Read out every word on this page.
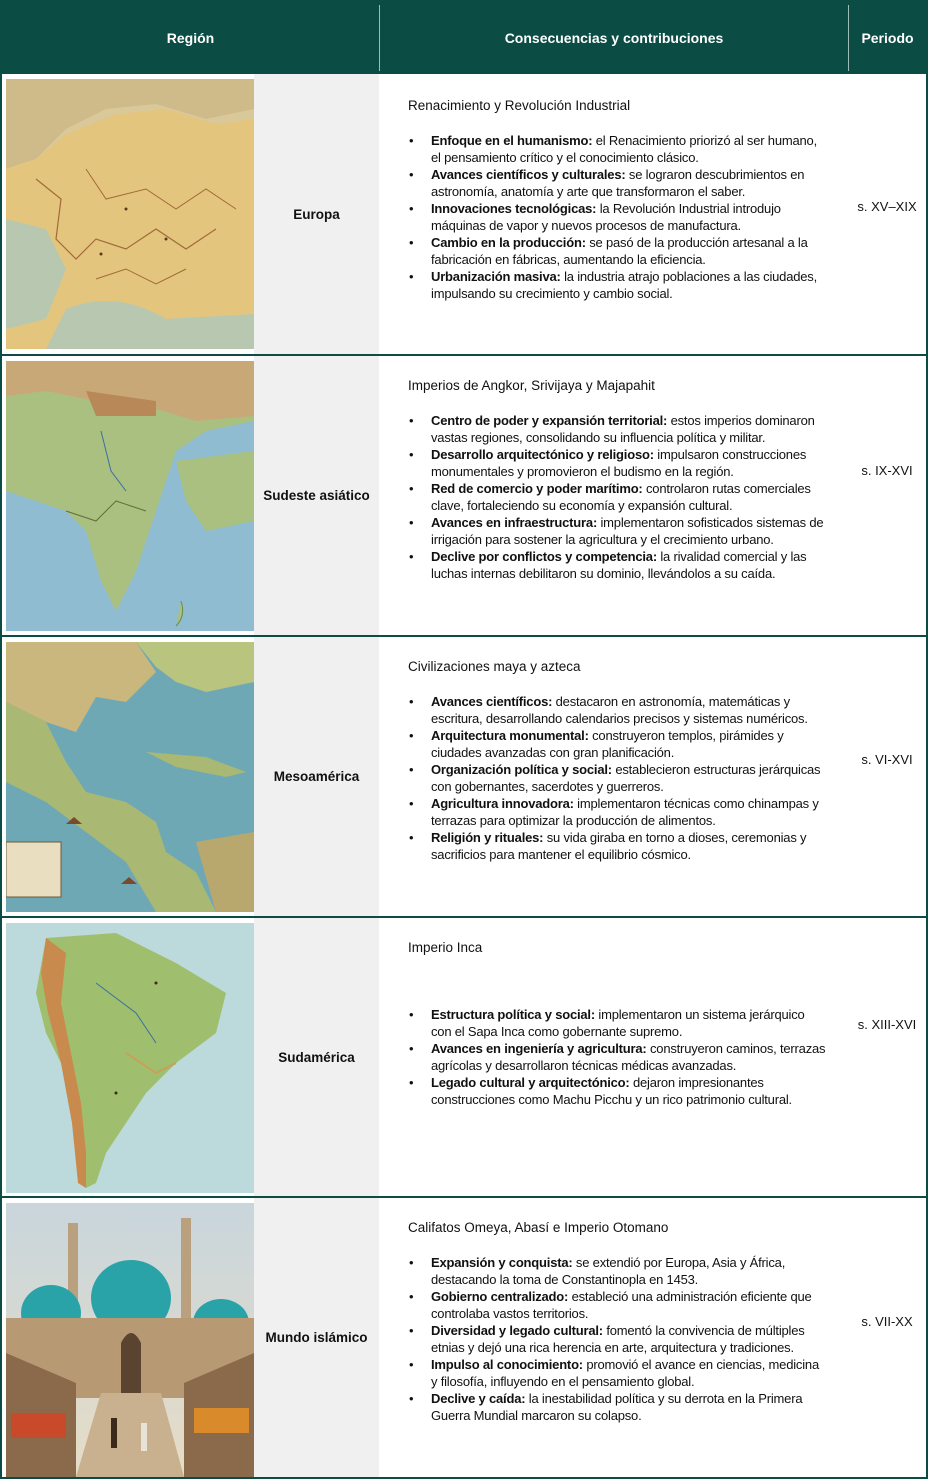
Región	Consecuencias y contribuciones	Periodo
Europa
Renacimiento y Revolución Industrial
• Enfoque en el humanismo: el Renacimiento priorizó al ser humano, el pensamiento crítico y el conocimiento clásico.
• Avances científicos y culturales: se lograron descubrimientos en astronomía, anatomía y arte que transformaron el saber.
• Innovaciones tecnológicas: la Revolución Industrial introdujo máquinas de vapor y nuevos procesos de manufactura.
• Cambio en la producción: se pasó de la producción artesanal a la fabricación en fábricas, aumentando la eficiencia.
• Urbanización masiva: la industria atrajo poblaciones a las ciudades, impulsando su crecimiento y cambio social.
s. XV–XIX
Sudeste asiático
Imperios de Angkor, Srivijaya y Majapahit
• Centro de poder y expansión territorial: estos imperios dominaron vastas regiones, consolidando su influencia política y militar.
• Desarrollo arquitectónico y religioso: impulsaron construcciones monumentales y promovieron el budismo en la región.
• Red de comercio y poder marítimo: controlaron rutas comerciales clave, fortaleciendo su economía y expansión cultural.
• Avances en infraestructura: implementaron sofisticados sistemas de irrigación para sostener la agricultura y el crecimiento urbano.
• Declive por conflictos y competencia: la rivalidad comercial y las luchas internas debilitaron su dominio, llevándolos a su caída.
s. IX-XVI
Mesoamérica
Civilizaciones maya y azteca
• Avances científicos: destacaron en astronomía, matemáticas y escritura, desarrollando calendarios precisos y sistemas numéricos.
• Arquitectura monumental: construyeron templos, pirámides y ciudades avanzadas con gran planificación.
• Organización política y social: establecieron estructuras jerárquicas con gobernantes, sacerdotes y guerreros.
• Agricultura innovadora: implementaron técnicas como chinampas y terrazas para optimizar la producción de alimentos.
• Religión y rituales: su vida giraba en torno a dioses, ceremonias y sacrificios para mantener el equilibrio cósmico.
s. VI-XVI
Sudamérica
Imperio Inca
• Estructura política y social: implementaron un sistema jerárquico con el Sapa Inca como gobernante supremo.
• Avances en ingeniería y agricultura: construyeron caminos, terrazas agrícolas y desarrollaron técnicas médicas avanzadas.
• Legado cultural y arquitectónico: dejaron impresionantes construcciones como Machu Picchu y un rico patrimonio cultural.
s. XIII-XVI
Mundo islámico
Califatos Omeya, Abasí e Imperio Otomano
• Expansión y conquista: se extendió por Europa, Asia y África, destacando la toma de Constantinopla en 1453.
• Gobierno centralizado: estableció una administración eficiente que controlaba vastos territorios.
• Diversidad y legado cultural: fomentó la convivencia de múltiples etnias y dejó una rica herencia en arte, arquitectura y tradiciones.
• Impulso al conocimiento: promovió el avance en ciencias, medicina y filosofía, influyendo en el pensamiento global.
• Declive y caída: la inestabilidad política y su derrota en la Primera Guerra Mundial marcaron su colapso.
s. VII-XX
